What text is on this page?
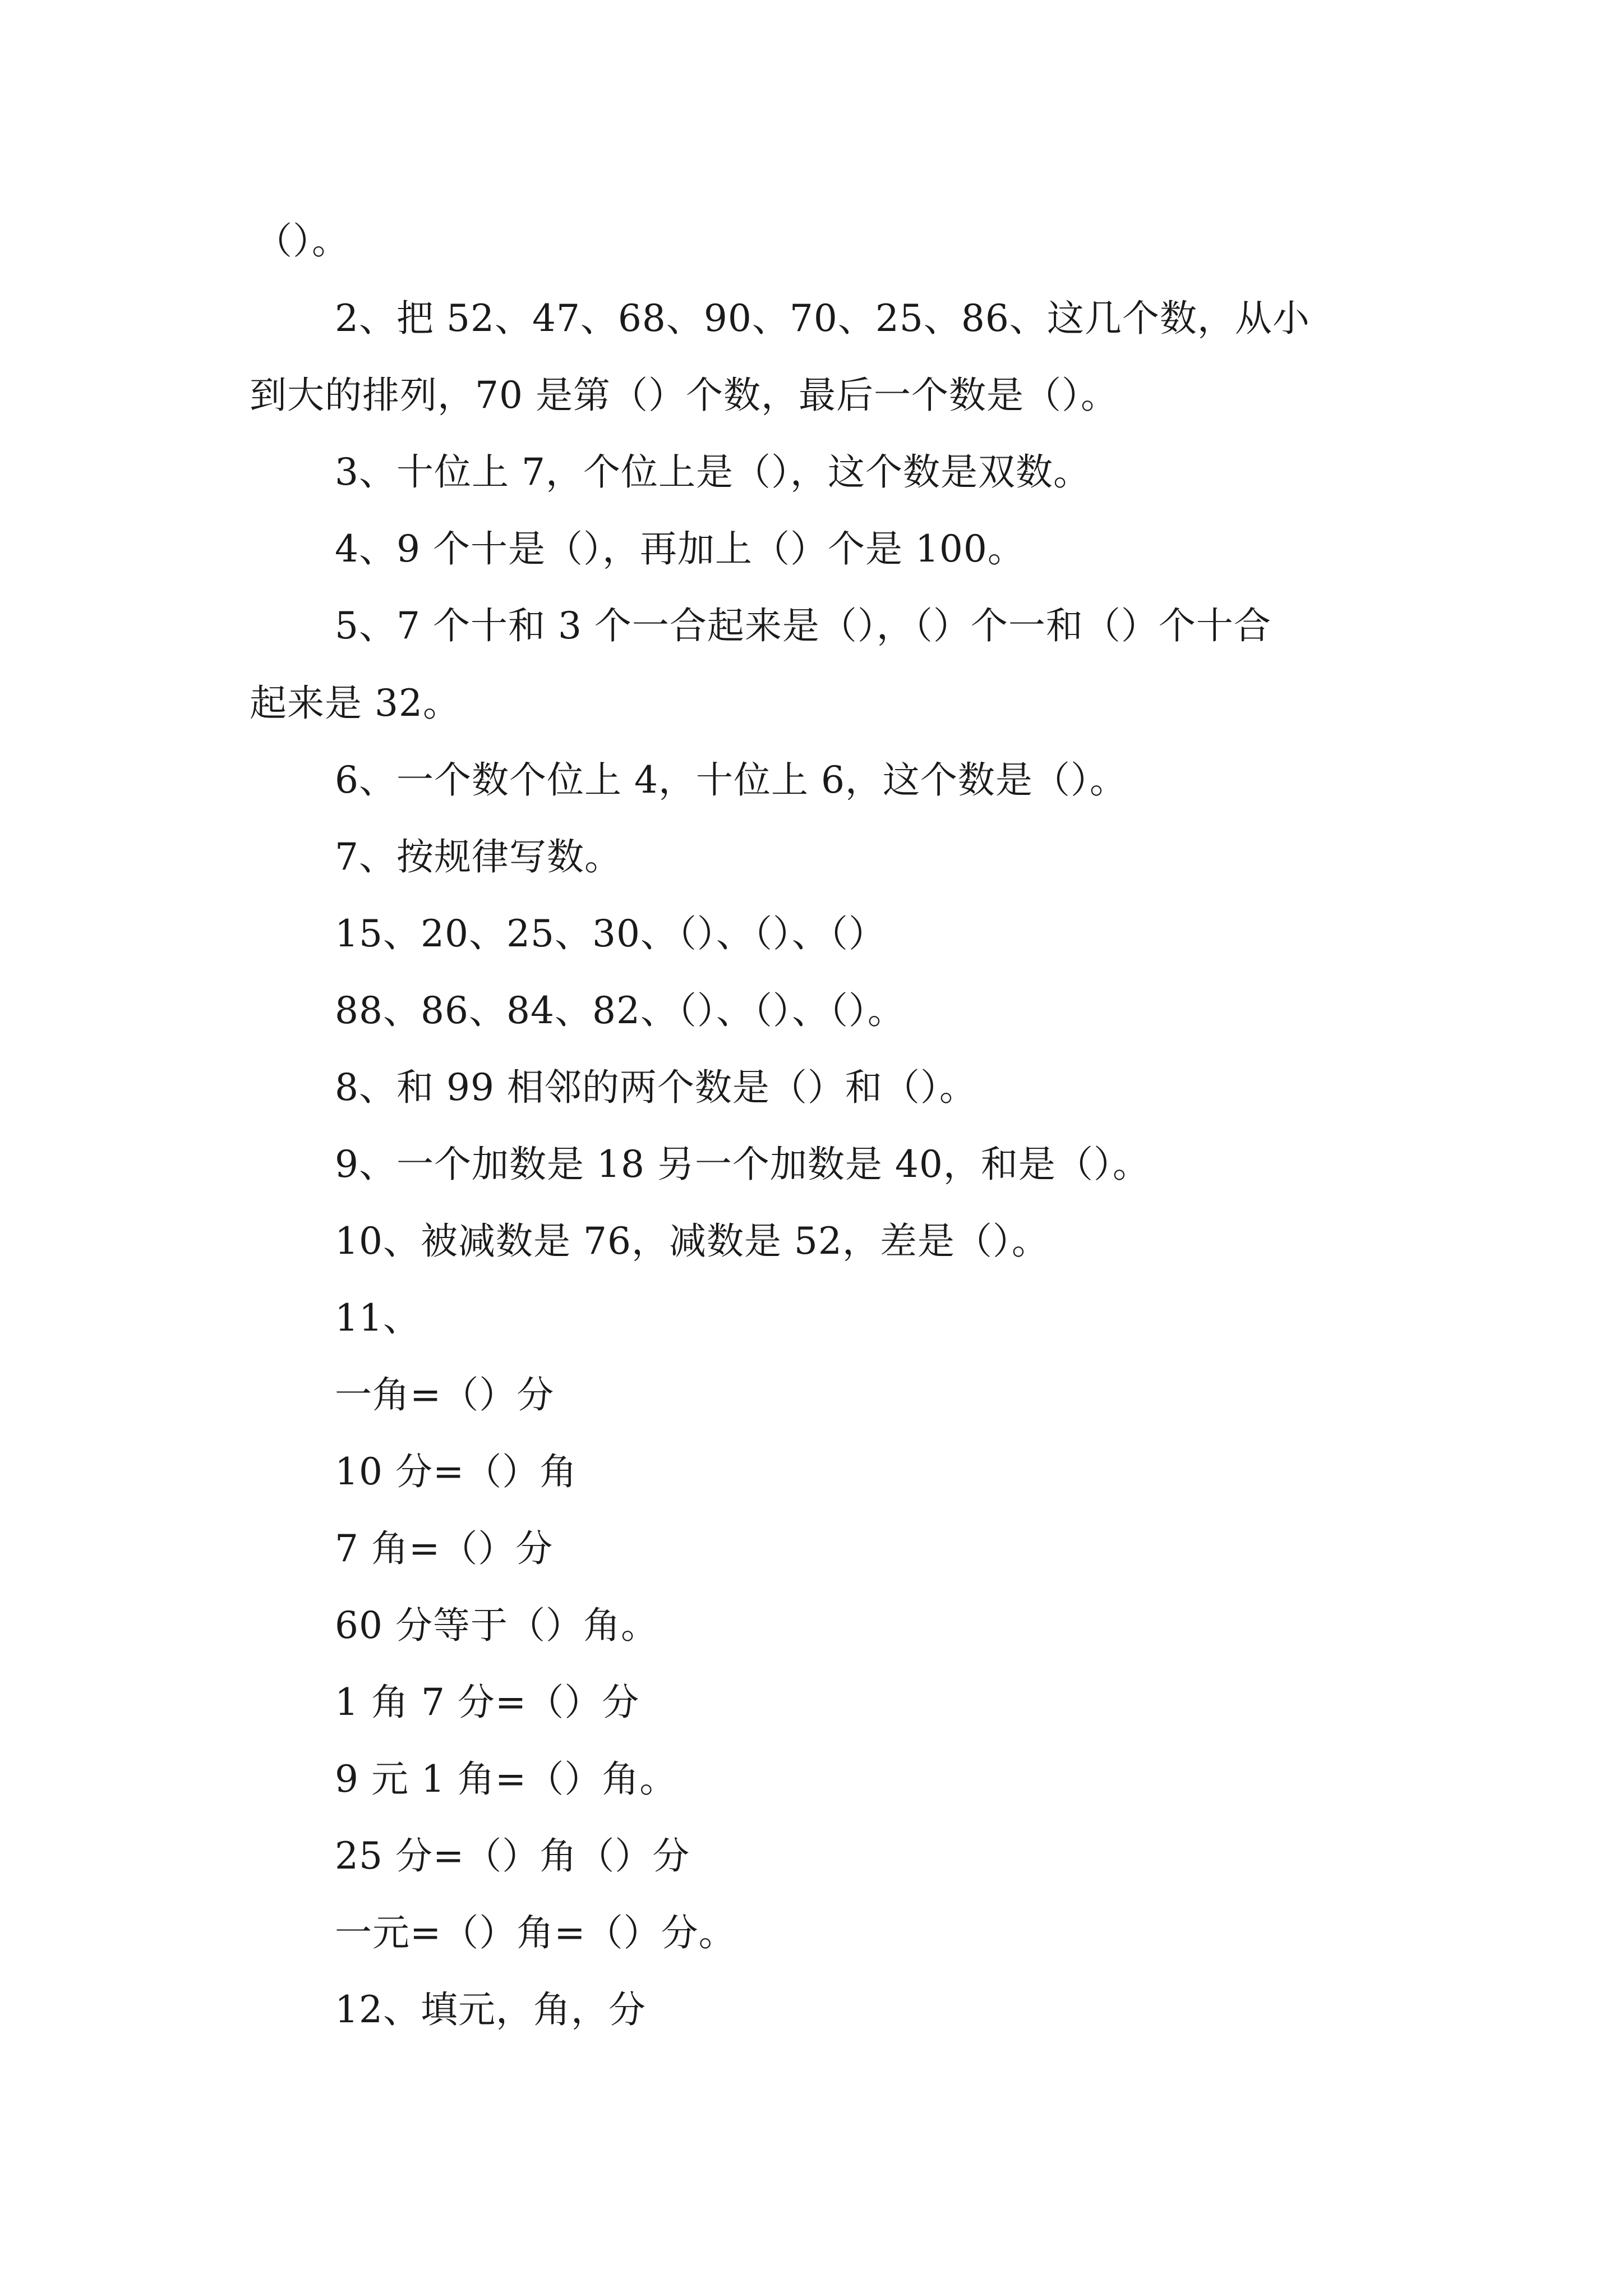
（）。
2、把 52、47、68、90、70、25、86、这几个数，从小
到大的排列，70 是第（）个数，最后一个数是（）。
3、十位上 7，个位上是（），这个数是双数。
4、9 个十是（），再加上（）个是 100。
5、7 个十和 3 个一合起来是（），（）个一和（）个十合
起来是 32。
6、一个数个位上 4，十位上 6，这个数是（）。
7、按规律写数。
15、20、25、30、（）、（）、（）
88、86、84、82、（）、（）、（）。
8、和 99 相邻的两个数是（）和（）。
9、一个加数是 18 另一个加数是 40，和是（）。
10、被减数是 76，减数是 52，差是（）。
11、
一角=（）分
10 分=（）角
7 角=（）分
60 分等于（）角。
1 角 7 分=（）分
9 元 1 角=（）角。
25 分=（）角（）分
一元=（）角=（）分。
12、填元，角，分
